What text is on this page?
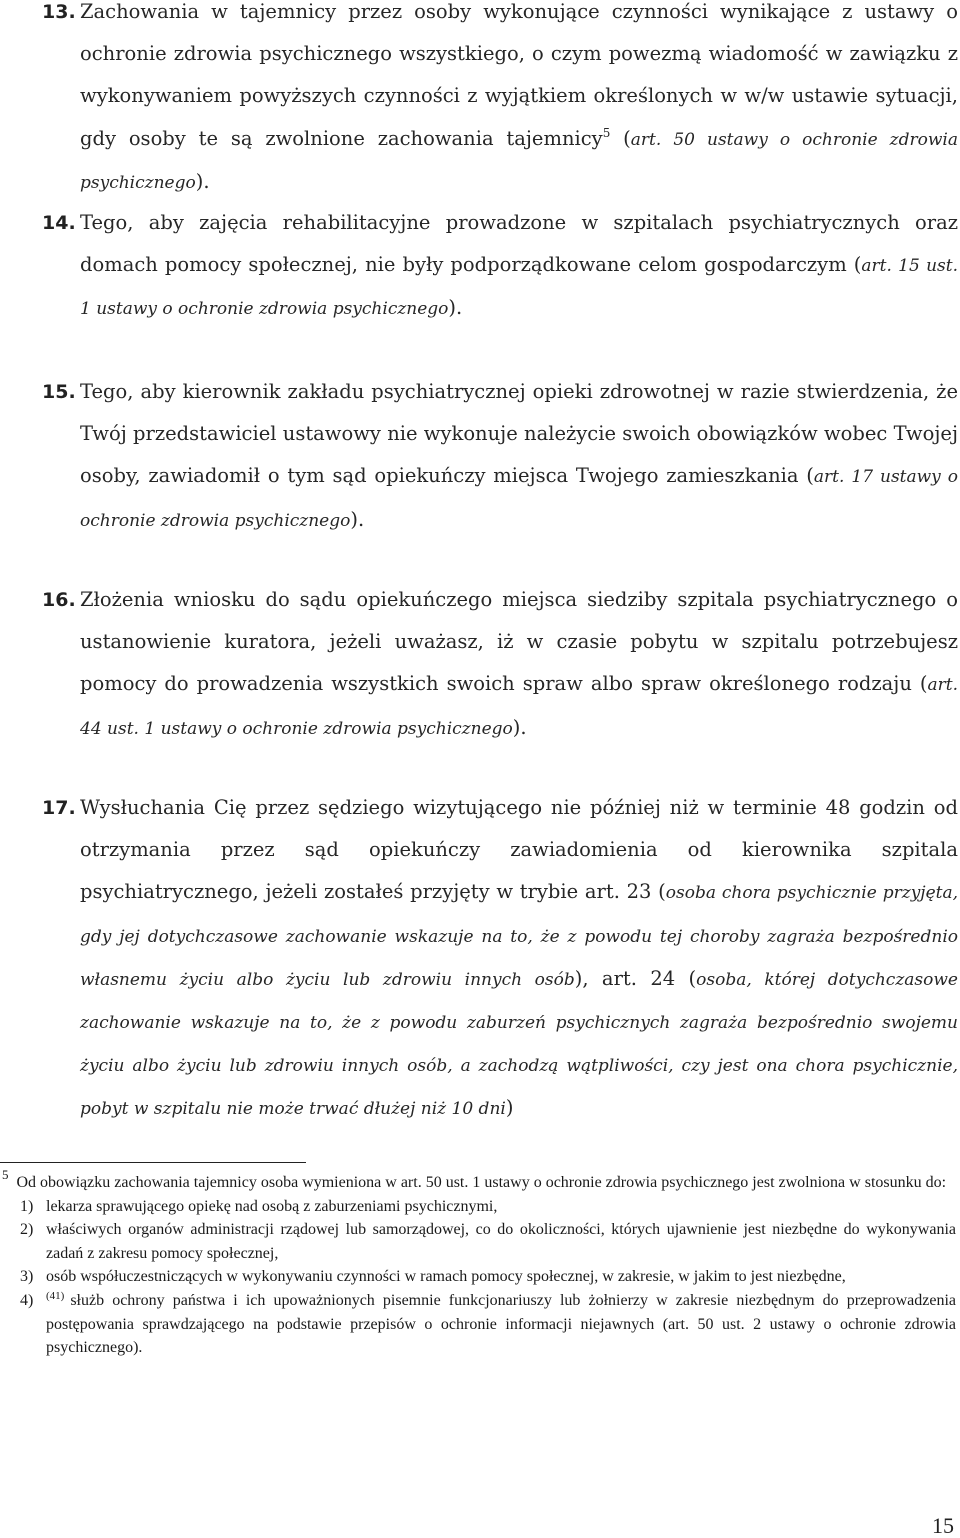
13. Zachowania w tajemnicy przez osoby wykonujące czynności wynikające z ustawy o ochronie zdrowia psychicznego wszystkiego, o czym powezmą wiadomość w zawiązku z wykonywaniem powyższych czynności z wyjątkiem określonych w w/w ustawie sytuacji, gdy osoby te są zwolnione zachowania tajemnicy$^5$ (art. 50 ustawy o ochronie zdrowia psychicznego).

14. Tego, aby zajęcia rehabilitacyjne prowadzone w szpitalach psychiatrycznych oraz domach pomocy społecznej, nie były podporządkowane celom gospodarczym (art. 15 ust. 1 ustawy o ochronie zdrowia psychicznego).

15. Tego, aby kierownik zakładu psychiatrycznej opieki zdrowotnej w razie stwierdzenia, że Twój przedstawiciel ustawowy nie wykonuje należycie swoich obowiązków wobec Twojej osoby, zawiadomił o tym sąd opiekuńczy miejsca Twojego zamieszkania (art. 17 ustawy o ochronie zdrowia psychicznego).

16. Złożenia wniosku do sądu opiekuńczego miejsca siedziby szpitala psychiatrycznego o ustanowienie kuratora, jeżeli uważasz, iż w czasie pobytu w szpitalu potrzebujesz pomocy do prowadzenia wszystkich swoich spraw albo spraw określonego rodzaju (art. 44 ust. 1 ustawy o ochronie zdrowia psychicznego).

17. Wysłuchania Cię przez sędziego wizytującego nie później niż w terminie 48 godzin od otrzymania przez sąd opiekuńczy zawiadomienia od kierownika szpitala psychiatrycznego, jeżeli zostałeś przyjęty w trybie art. 23 (osoba chora psychicznie przyjęta, gdy jej dotychczasowe zachowanie wskazuje na to, że z powodu tej choroby zagraża bezpośrednio własnemu życiu albo życiu lub zdrowiu innych osób), art. 24 (osoba, której dotychczasowe zachowanie wskazuje na to, że z powodu zaburzeń psychicznych zagraża bezpośrednio swojemu życiu albo życiu lub zdrowiu innych osób, a zachodzą wątpliwości, czy jest ona chora psychicznie, pobyt w szpitalu nie może trwać dłużej niż 10 dni)

$^5$ Od obowiązku zachowania tajemnicy osoba wymieniona w art. 50 ust. 1 ustawy o ochronie zdrowia psychicznego jest zwolniona w stosunku do:

1) lekarza sprawującego opiekę nad osobą z zaburzeniami psychicznymi,
2) właściwych organów administracji rządowej lub samorządowej, co do okoliczności, których ujawnienie jest niezbędne do wykonywania zadań z zakresu pomocy społecznej,
3) osób współuczestniczących w wykonywaniu czynności w ramach pomocy społecznej, w zakresie, w jakim to jest niezbędne,
4) $^{(41)}$ służb ochrony państwa i ich upoważnionych pisemnie funkcjonariuszy lub żołnierzy w zakresie niezbędnym do przeprowadzenia postępowania sprawdzającego na podstawie przepisów o ochronie informacji niejawnych (art. 50 ust. 2 ustawy o ochronie zdrowia psychicznego).
15
